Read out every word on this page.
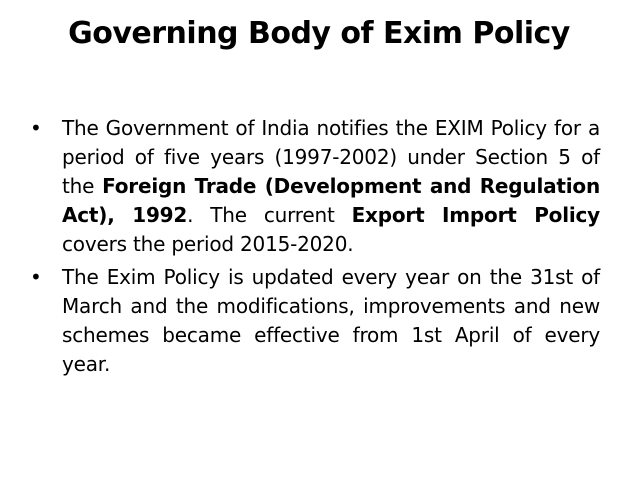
Governing Body of Exim Policy
•	The Government of India notifies the EXIM Policy for a period of five years (1997-2002) under Section 5 of the Foreign Trade (Development and Regulation Act), 1992. The current Export Import Policy covers the period 2015-2020.
•	The Exim Policy is updated every year on the 31st of March and the modifications, improvements and new schemes became effective from 1st April of every year.
